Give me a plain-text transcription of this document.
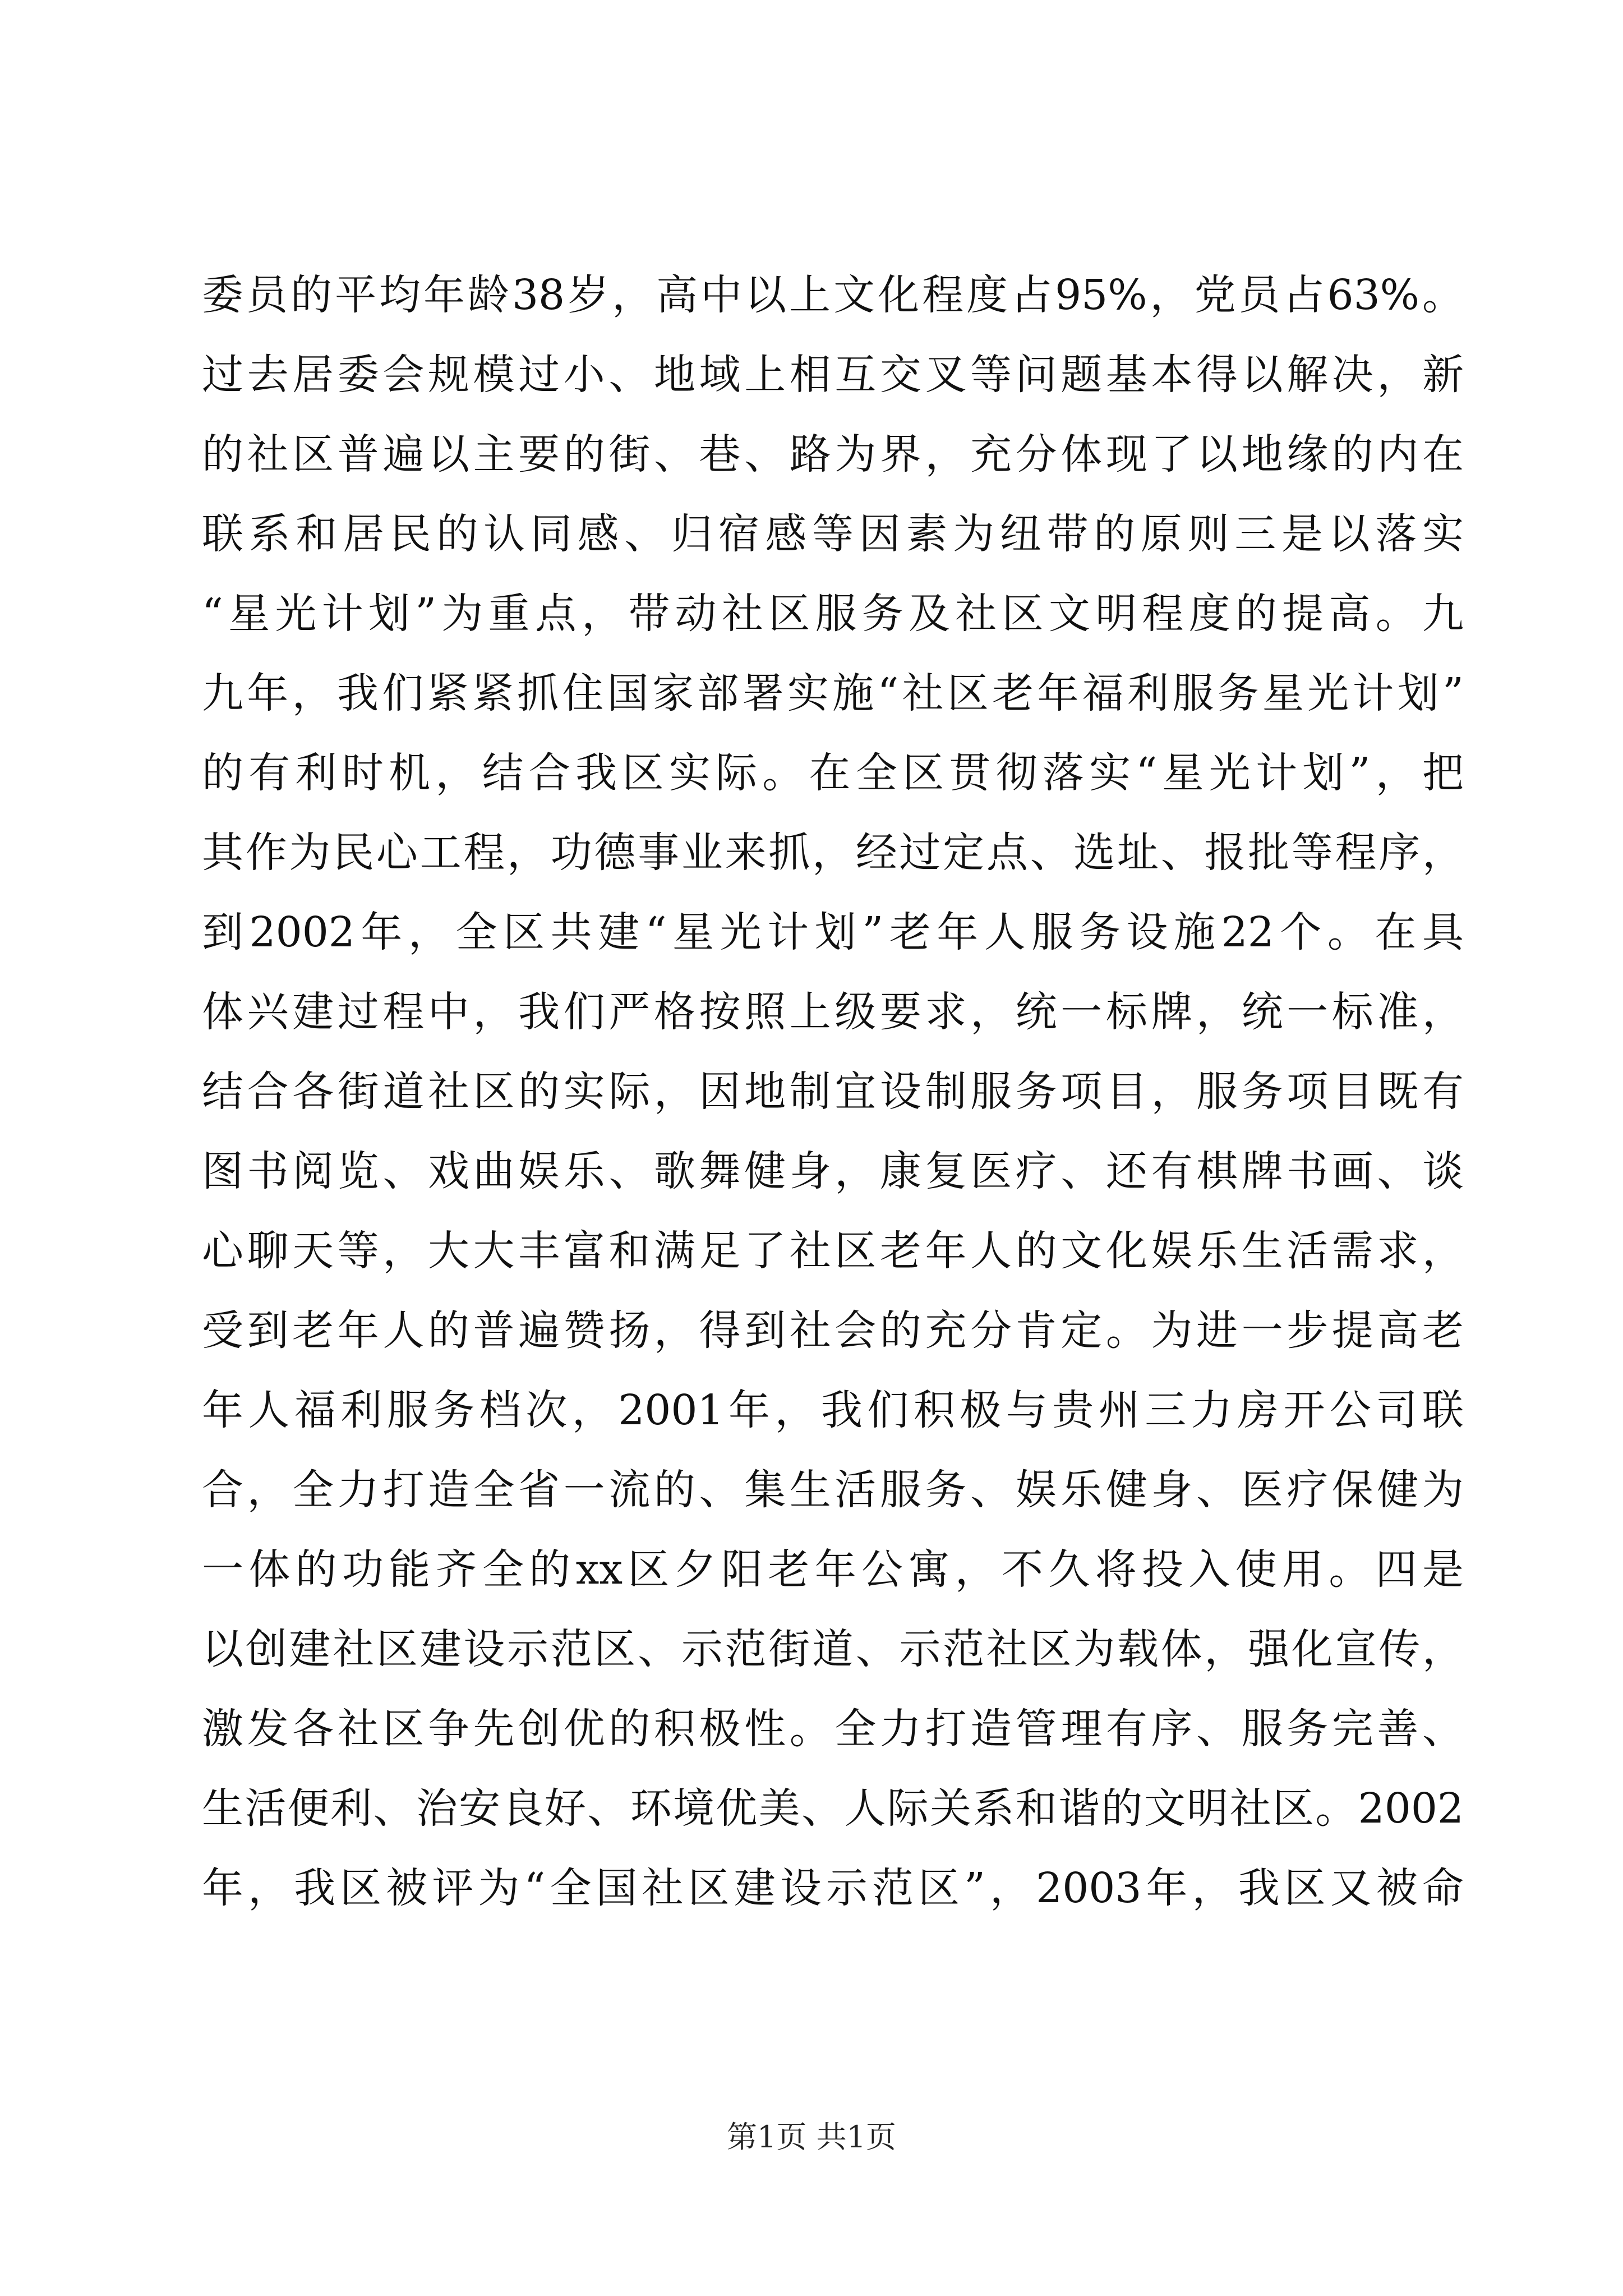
委员的平均年龄38岁，高中以上文化程度占95%，党员占63%。
过去居委会规模过小、地域上相互交叉等问题基本得以解决，新
的社区普遍以主要的街、巷、路为界，充分体现了以地缘的内在
联系和居民的认同感、归宿感等因素为纽带的原则三是以落实
“星光计划”为重点，带动社区服务及社区文明程度的提高。九
九年，我们紧紧抓住国家部署实施“社区老年福利服务星光计划”
的有利时机，结合我区实际。在全区贯彻落实“星光计划”，把
其作为民心工程，功德事业来抓，经过定点、选址、报批等程序，
到2002年，全区共建“星光计划”老年人服务设施22个。在具
体兴建过程中，我们严格按照上级要求，统一标牌，统一标准，
结合各街道社区的实际，因地制宜设制服务项目，服务项目既有
图书阅览、戏曲娱乐、歌舞健身，康复医疗、还有棋牌书画、谈
心聊天等，大大丰富和满足了社区老年人的文化娱乐生活需求，
受到老年人的普遍赞扬，得到社会的充分肯定。为进一步提高老
年人福利服务档次，2001年，我们积极与贵州三力房开公司联
合，全力打造全省一流的、集生活服务、娱乐健身、医疗保健为
一体的功能齐全的xx区夕阳老年公寓，不久将投入使用。四是
以创建社区建设示范区、示范街道、示范社区为载体，强化宣传，
激发各社区争先创优的积极性。全力打造管理有序、服务完善、
生活便利、治安良好、环境优美、人际关系和谐的文明社区。2002
年，我区被评为“全国社区建设示范区”，2003年，我区又被命
第1页 共1页
